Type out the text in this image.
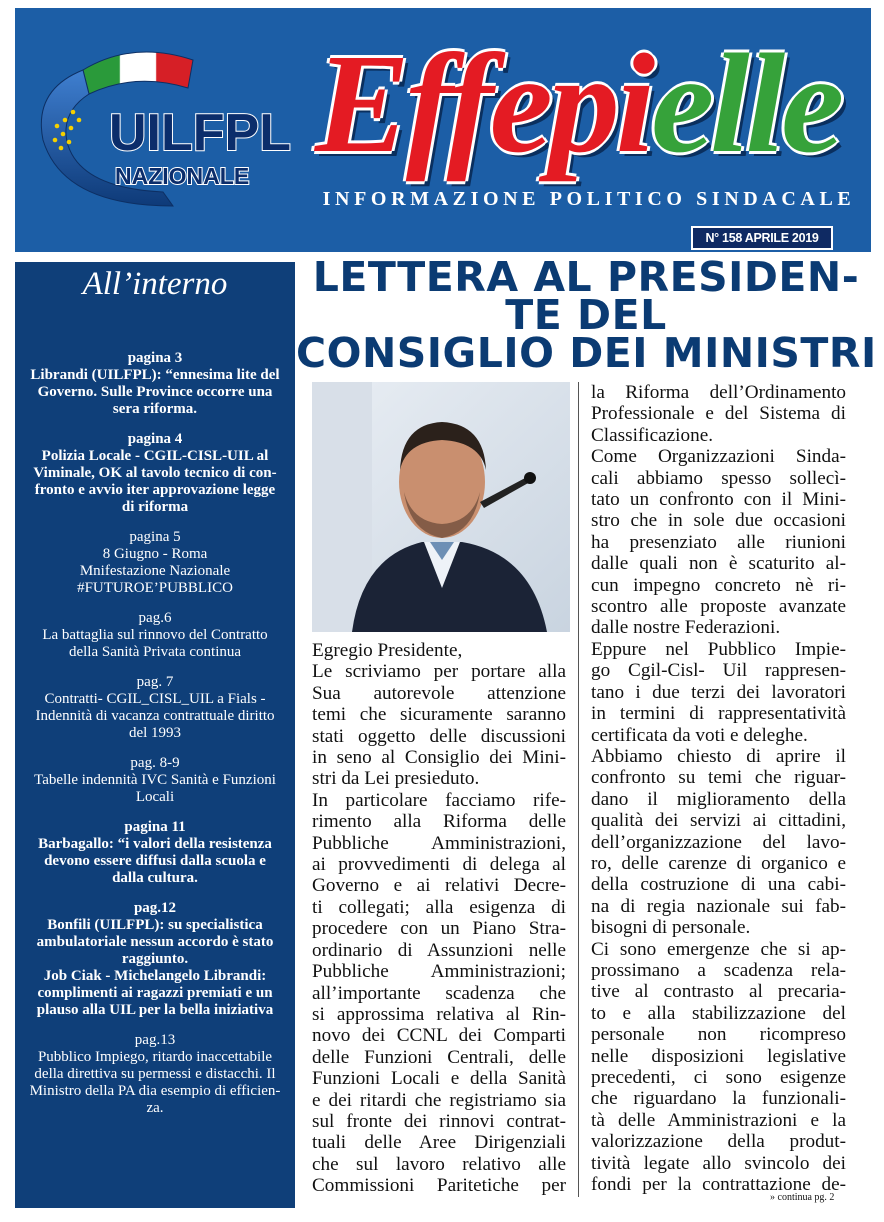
UILFPL
NAZIONALE Effepielle
INFORMAZIONE POLITICO SINDACALE
N° 158 APRILE 2019
All’interno
pagina 3
Librandi (UILFPL): “ennesima lite del
Governo. Sulle Province occorre una
sera riforma.
pagina 4
Polizia Locale - CGIL-CISL-UIL al
Viminale, OK al tavolo tecnico di con-
fronto e avvio iter approvazione legge
di riforma
pagina 5
8 Giugno - Roma
Mnifestazione Nazionale
#FUTUROE’PUBBLICO
pag.6
La battaglia sul rinnovo del Contratto
della Sanità Privata continua
pag. 7
Contratti- CGIL_CISL_UIL a Fials -
Indennità di vacanza contrattuale diritto
del 1993
pag. 8-9
Tabelle indennità IVC Sanità e Funzioni
Locali
pagina 11
Barbagallo: “i valori della resistenza
devono essere diffusi dalla scuola e
dalla cultura.
pag.12
Bonfili (UILFPL): su specialistica
ambulatoriale nessun accordo è stato
raggiunto.
Job Ciak - Michelangelo Librandi:
complimenti ai ragazzi premiati e un
plauso alla UIL per la bella iniziativa
pag.13
Pubblico Impiego, ritardo inaccettabile
della direttiva su permessi e distacchi. Il
Ministro della PA dia esempio di efficien-
za.
LETTERA AL PRESIDEN-
TE DEL
CONSIGLIO DEI MINISTRI
Egregio Presidente,
Le scriviamo per portare alla
Sua autorevole attenzione
temi che sicuramente saranno
stati oggetto delle discussioni
in seno al Consiglio dei Mini-
stri da Lei presieduto.
In particolare facciamo rife-
rimento alla Riforma delle
Pubbliche Amministrazioni,
ai provvedimenti di delega al
Governo e ai relativi Decre-
ti collegati; alla esigenza di
procedere con un Piano Stra-
ordinario di Assunzioni nelle
Pubbliche Amministrazioni;
all’importante scadenza che
si approssima relativa al Rin-
novo dei CCNL dei Comparti
delle Funzioni Centrali, delle
Funzioni Locali e della Sanità
e dei ritardi che registriamo sia
sul fronte dei rinnovi contrat-
tuali delle Aree Dirigenziali
che sul lavoro relativo alle
Commissioni Paritetiche per
la Riforma dell’Ordinamento
Professionale e del Sistema di
Classificazione.
Come Organizzazioni Sinda-
cali abbiamo spesso sollecì-
tato un confronto con il Mini-
stro che in sole due occasioni
ha presenziato alle riunioni
dalle quali non è scaturito al-
cun impegno concreto nè ri-
scontro alle proposte avanzate
dalle nostre Federazioni.
Eppure nel Pubblico Impie-
go Cgil-Cisl- Uil rappresen-
tano i due terzi dei lavoratori
in termini di rappresentatività
certificata da voti e deleghe.
Abbiamo chiesto di aprire il
confronto su temi che riguar-
dano il miglioramento della
qualità dei servizi ai cittadini,
dell’organizzazione del lavo-
ro, delle carenze di organico e
della costruzione di una cabi-
na di regia nazionale sui fab-
bisogni di personale.
Ci sono emergenze che si ap-
prossimano a scadenza rela-
tive al contrasto al precaria-
to e alla stabilizzazione del
personale non ricompreso
nelle disposizioni legislative
precedenti, ci sono esigenze
che riguardano la funzionali-
tà delle Amministrazioni e la
valorizzazione della produt-
tività legate allo svincolo dei
fondi per la contrattazione de-
» continua pg. 2
